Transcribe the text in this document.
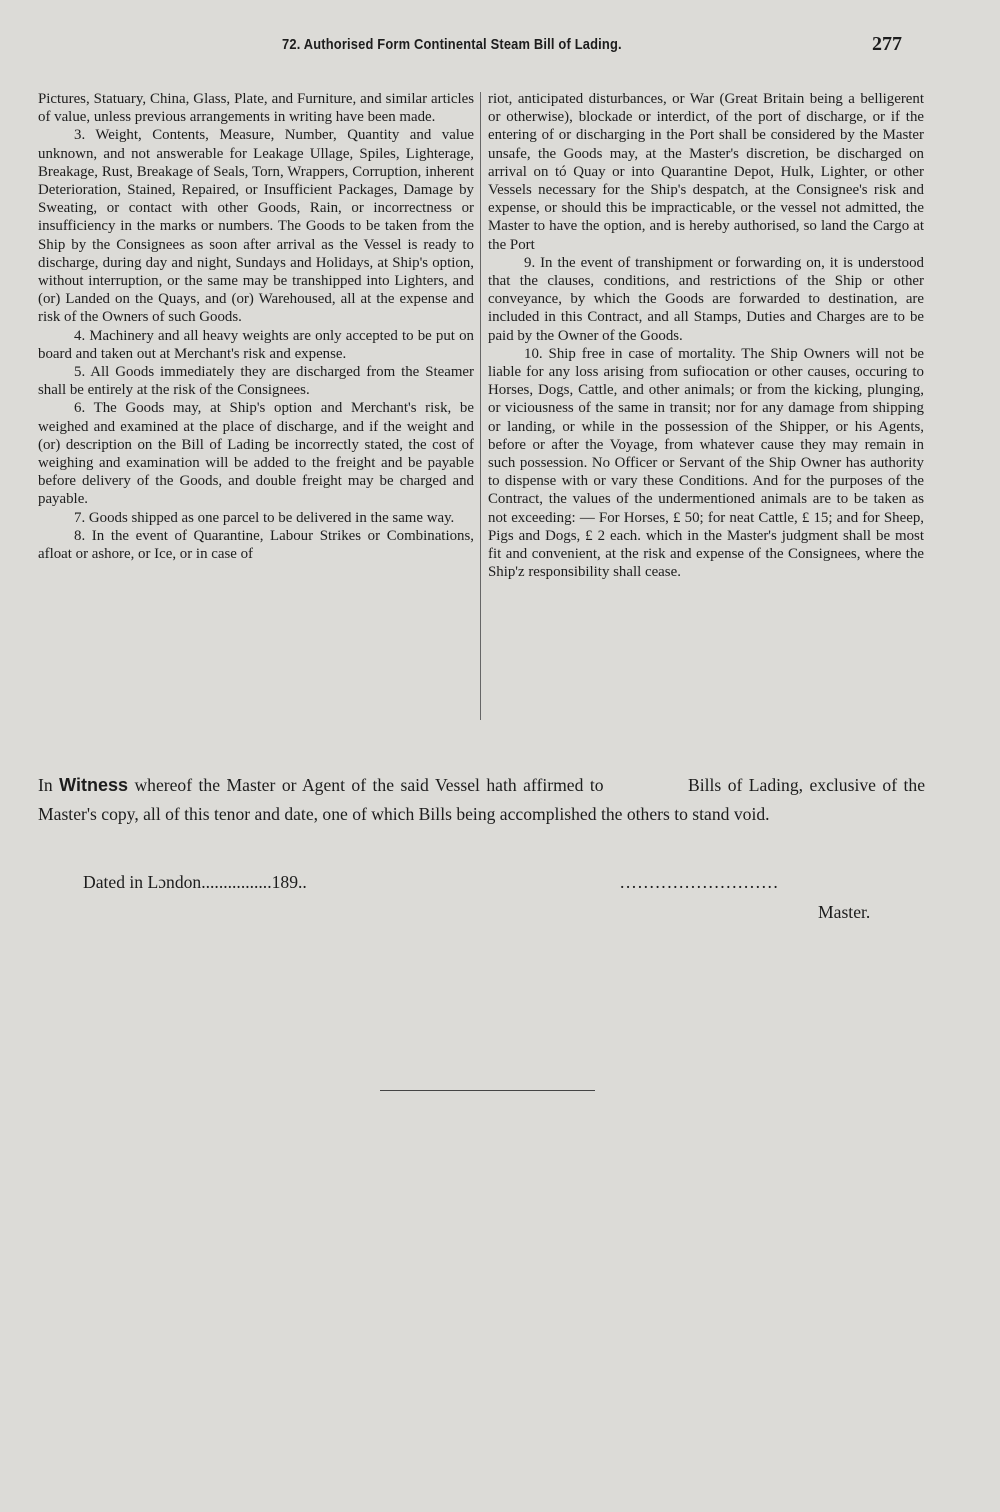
72. Authorised Form Continental Steam Bill of Lading.	277

Pictures, Statuary, China, Glass, Plate, and Furniture, and similar articles of value, unless previous arrangements in writing have been made.

3. Weight, Contents, Measure, Number, Quantity and value unknown, and not answerable for Leakage Ullage, Spiles, Lighterage, Breakage, Rust, Breakage of Seals, Torn, Wrappers, Corruption, inherent Deterioration, Stained, Repaired, or Insufficient Packages, Damage by Sweating, or contact with other Goods, Rain, or incorrectness or insufficiency in the marks or numbers. The Goods to be taken from the Ship by the Consignees as soon after arrival as the Vessel is ready to discharge, during day and night, Sundays and Holidays, at Ship's option, without interruption, or the same may be transhipped into Lighters, and (or) Landed on the Quays, and (or) Warehoused, all at the expense and risk of the Owners of such Goods.

4. Machinery and all heavy weights are only accepted to be put on board and taken out at Merchant's risk and expense.

5. All Goods immediately they are discharged from the Steamer shall be entirely at the risk of the Consignees.

6. The Goods may, at Ship's option and Merchant's risk, be weighed and examined at the place of discharge, and if the weight and (or) description on the Bill of Lading be incorrectly stated, the cost of weighing and examination will be added to the freight and be payable before delivery of the Goods, and double freight may be charged and payable.

7. Goods shipped as one parcel to be delivered in the same way.

8. In the event of Quarantine, Labour Strikes or Combinations, afloat or ashore, or Ice, or in case of

riot, anticipated disturbances, or War (Great Britain being a belligerent or otherwise), blockade or interdict, of the port of discharge, or if the entering of or discharging in the Port shall be considered by the Master unsafe, the Goods may, at the Master's discretion, be discharged on arrival on tó Quay or into Quarantine Depot, Hulk, Lighter, or other Vessels necessary for the Ship's despatch, at the Consignee's risk and expense, or should this be impracticable, or the vessel not admitted, the Master to have the option, and is hereby authorised, so land the Cargo at the Port

9. In the event of transhipment or forwarding on, it is understood that the clauses, conditions, and restrictions of the Ship or other conveyance, by which the Goods are forwarded to destination, are included in this Contract, and all Stamps, Duties and Charges are to be paid by the Owner of the Goods.

10. Ship free in case of mortality. The Ship Owners will not be liable for any loss arising from sufiocation or other causes, occuring to Horses, Dogs, Cattle, and other animals; or from the kicking, plunging, or viciousness of the same in transit; nor for any damage from shipping or landing, or while in the possession of the Shipper, or his Agents, before or after the Voyage, from whatever cause they may remain in such possession. No Officer or Servant of the Ship Owner has authority to dispense with or vary these Conditions. And for the purposes of the Contract, the values of the undermentioned animals are to be taken as not exceeding: — For Horses, £ 50; for neat Cattle, £ 15; and for Sheep, Pigs and Dogs, £ 2 each. which in the Master's judgment shall be most fit and convenient, at the risk and expense of the Consignees, where the Ship'z responsibility shall cease.

In Witness whereof the Master or Agent of the said Vessel hath affirmed to	Bills of Lading, exclusive of the Master's copy, all of this tenor and date, one of which Bills being accomplished the others to stand void.
Dated in Lɔndon................189..	...........................
Master.
